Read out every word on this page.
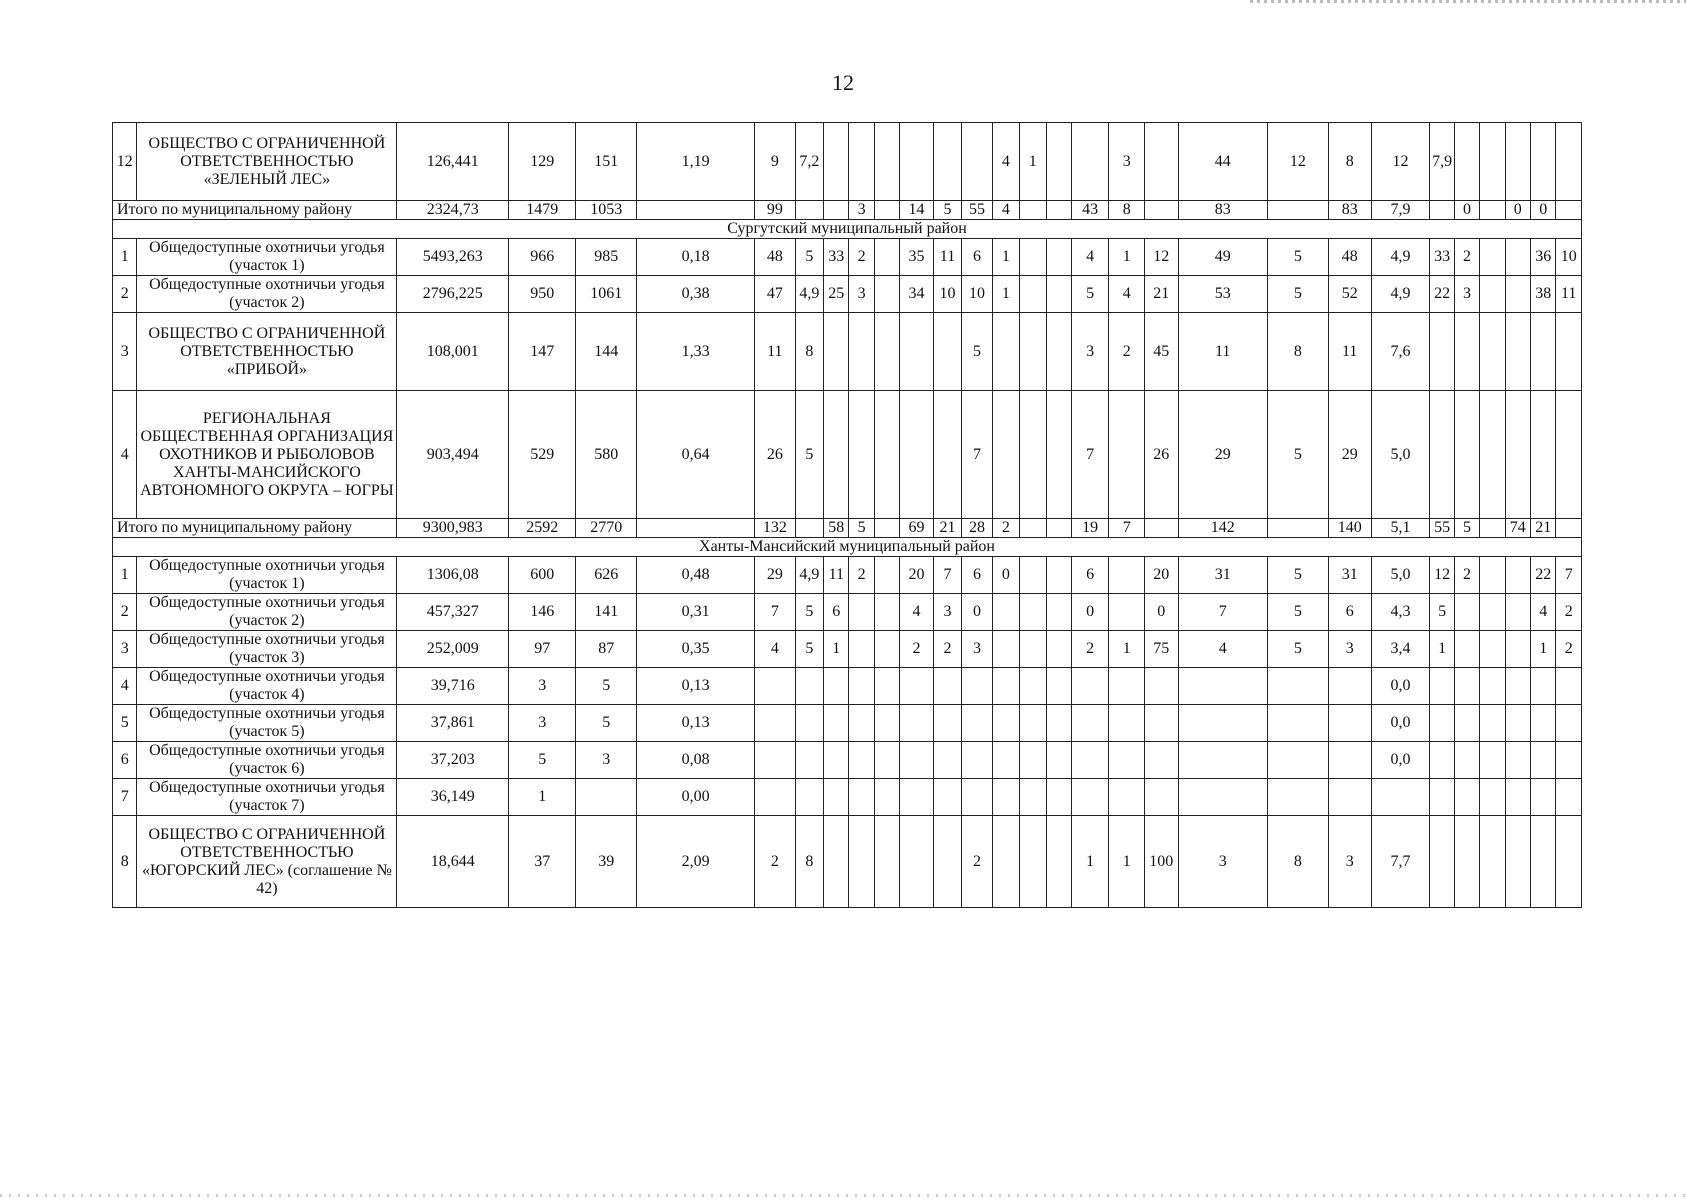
12
12	ОБЩЕСТВО С ОГРАНИЧЕННОЙ ОТВЕТСТВЕННОСТЬЮ «ЗЕЛЕНЫЙ ЛЕС»	126,441	129	151	1,19	9	7,2							4	1			3		44	12	8	12	7,9					
Итого по муниципальному району		2324,73	1479	1053		99			3		14	5	55	4			43	8		83		83	7,9		0		0	0	
Сургутский муниципальный район																													
1	Общедоступные охотничьи угодья (участок 1)	5493,263	966	985	0,18	48	5	33	2		35	11	6	1			4	1	12	49	5	48	4,9	33	2			36	10
2	Общедоступные охотничьи угодья (участок 2)	2796,225	950	1061	0,38	47	4,9	25	3		34	10	10	1			5	4	21	53	5	52	4,9	22	3			38	11
3	ОБЩЕСТВО С ОГРАНИЧЕННОЙ ОТВЕТСТВЕННОСТЬЮ «ПРИБОЙ»	108,001	147	144	1,33	11	8						5				3	2	45	11	8	11	7,6						
4	РЕГИОНАЛЬНАЯ ОБЩЕСТВЕННАЯ ОРГАНИЗАЦИЯ ОХОТНИКОВ И РЫБОЛОВОВ ХАНТЫ-МАНСИЙСКОГО АВТОНОМНОГО ОКРУГА – ЮГРЫ	903,494	529	580	0,64	26	5						7				7		26	29	5	29	5,0						
Итого по муниципальному району		9300,983	2592	2770		132		58	5		69	21	28	2			19	7		142		140	5,1	55	5		74	21	
Ханты-Мансийский муниципальный район																													
1	Общедоступные охотничьи угодья (участок 1)	1306,08	600	626	0,48	29	4,9	11	2		20	7	6	0			6		20	31	5	31	5,0	12	2			22	7
2	Общедоступные охотничьи угодья (участок 2)	457,327	146	141	0,31	7	5	6			4	3	0				0		0	7	5	6	4,3	5				4	2
3	Общедоступные охотничьи угодья (участок 3)	252,009	97	87	0,35	4	5	1			2	2	3				2	1	75	4	5	3	3,4	1				1	2
4	Общедоступные охотничьи угодья (участок 4)	39,716	3	5	0,13																		0,0						
5	Общедоступные охотничьи угодья (участок 5)	37,861	3	5	0,13																		0,0						
6	Общедоступные охотничьи угодья (участок 6)	37,203	5	3	0,08																		0,0						
7	Общедоступные охотничьи угодья (участок 7)	36,149	1		0,00																								
8	ОБЩЕСТВО С ОГРАНИЧЕННОЙ ОТВЕТСТВЕННОСТЬЮ «ЮГОРСКИЙ ЛЕС» (соглашение № 42)	18,644	37	39	2,09	2	8						2				1	1	100	3	8	3	7,7						
